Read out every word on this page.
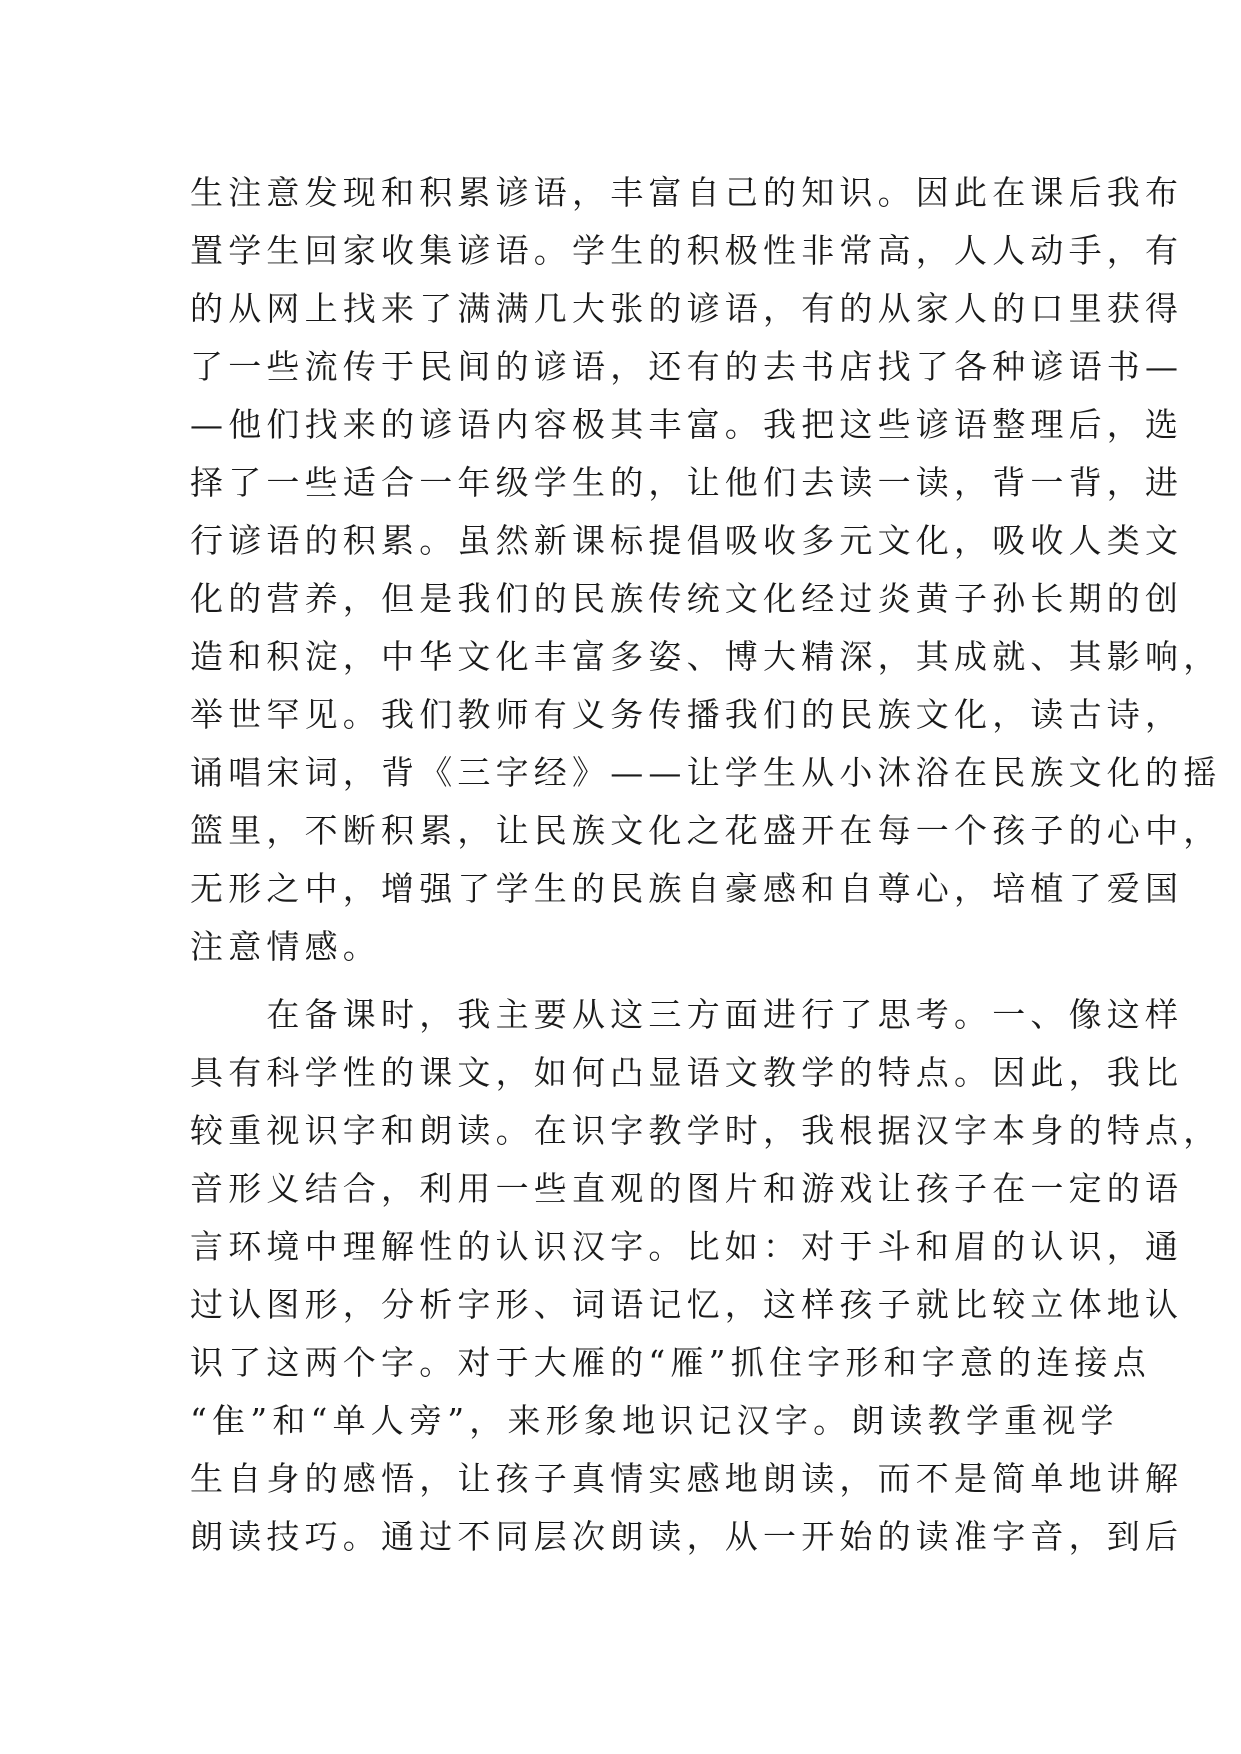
生注意发现和积累谚语，丰富自己的知识。因此在课后我布
置学生回家收集谚语。学生的积极性非常高，人人动手，有
的从网上找来了满满几大张的谚语，有的从家人的口里获得
了一些流传于民间的谚语，还有的去书店找了各种谚语书—
—他们找来的谚语内容极其丰富。我把这些谚语整理后，选
择了一些适合一年级学生的，让他们去读一读，背一背，进
行谚语的积累。虽然新课标提倡吸收多元文化，吸收人类文
化的营养，但是我们的民族传统文化经过炎黄子孙长期的创
造和积淀，中华文化丰富多姿、博大精深，其成就、其影响，
举世罕见。我们教师有义务传播我们的民族文化，读古诗，
诵唱宋词，背《三字经》——让学生从小沐浴在民族文化的摇
篮里，不断积累，让民族文化之花盛开在每一个孩子的心中，
无形之中，增强了学生的民族自豪感和自尊心，培植了爱国
注意情感。
　　在备课时，我主要从这三方面进行了思考。一、像这样
具有科学性的课文，如何凸显语文教学的特点。因此，我比
较重视识字和朗读。在识字教学时，我根据汉字本身的特点，
音形义结合，利用一些直观的图片和游戏让孩子在一定的语
言环境中理解性的认识汉字。比如：对于斗和眉的认识，通
过认图形，分析字形、词语记忆，这样孩子就比较立体地认
识了这两个字。对于大雁的“雁”抓住字形和字意的连接点
“隹”和“单人旁”，来形象地识记汉字。朗读教学重视学
生自身的感悟，让孩子真情实感地朗读，而不是简单地讲解
朗读技巧。通过不同层次朗读，从一开始的读准字音，到后
